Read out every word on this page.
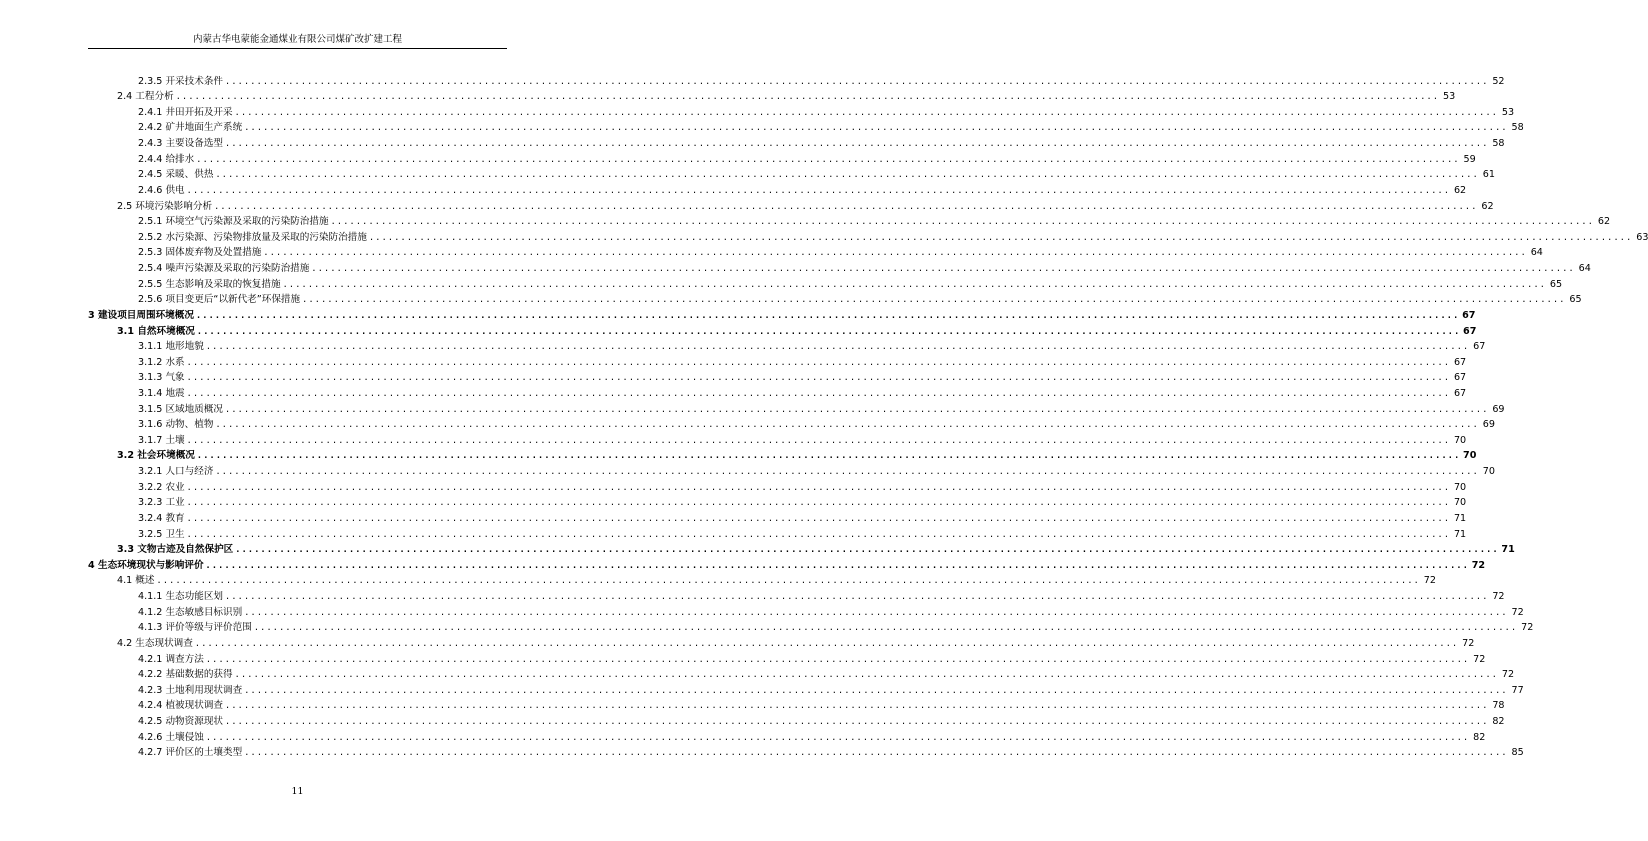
内蒙古华电蒙能金通煤业有限公司煤矿改扩建工程
2.3.5 开采技术条件 ........................................................................................................................................................................................................ 52
2.4 工程分析 ........................................................................................................................................................................................................ 53
2.4.1 井田开拓及开采 ........................................................................................................................................................................................................ 53
2.4.2 矿井地面生产系统 ........................................................................................................................................................................................................ 58
2.4.3 主要设备选型 ........................................................................................................................................................................................................ 58
2.4.4 给排水 ........................................................................................................................................................................................................ 59
2.4.5 采暖、供热 ........................................................................................................................................................................................................ 61
2.4.6 供电 ........................................................................................................................................................................................................ 62
2.5 环境污染影响分析 ........................................................................................................................................................................................................ 62
2.5.1 环境空气污染源及采取的污染防治措施 ........................................................................................................................................................................................................ 62
2.5.2 水污染源、污染物排放量及采取的污染防治措施 ........................................................................................................................................................................................................ 63
2.5.3 固体废弃物及处置措施 ........................................................................................................................................................................................................ 64
2.5.4 噪声污染源及采取的污染防治措施 ........................................................................................................................................................................................................ 64
2.5.5 生态影响及采取的恢复措施 ........................................................................................................................................................................................................ 65
2.5.6 项目变更后“以新代老”环保措施 ........................................................................................................................................................................................................ 65
3 建设项目周围环境概况 ........................................................................................................................................................................................................ 67
3.1 自然环境概况 ........................................................................................................................................................................................................ 67
3.1.1 地形地貌 ........................................................................................................................................................................................................ 67
3.1.2 水系 ........................................................................................................................................................................................................ 67
3.1.3 气象 ........................................................................................................................................................................................................ 67
3.1.4 地震 ........................................................................................................................................................................................................ 67
3.1.5 区域地质概况 ........................................................................................................................................................................................................ 69
3.1.6 动物、植物 ........................................................................................................................................................................................................ 69
3.1.7 土壤 ........................................................................................................................................................................................................ 70
3.2 社会环境概况 ........................................................................................................................................................................................................ 70
3.2.1 人口与经济 ........................................................................................................................................................................................................ 70
3.2.2 农业 ........................................................................................................................................................................................................ 70
3.2.3 工业 ........................................................................................................................................................................................................ 70
3.2.4 教育 ........................................................................................................................................................................................................ 71
3.2.5 卫生 ........................................................................................................................................................................................................ 71
3.3 文物古迹及自然保护区 ........................................................................................................................................................................................................ 71
4 生态环境现状与影响评价 ........................................................................................................................................................................................................ 72
4.1 概述 ........................................................................................................................................................................................................ 72
4.1.1 生态功能区划 ........................................................................................................................................................................................................ 72
4.1.2 生态敏感目标识别 ........................................................................................................................................................................................................ 72
4.1.3 评价等级与评价范围 ........................................................................................................................................................................................................ 72
4.2 生态现状调查 ........................................................................................................................................................................................................ 72
4.2.1 调查方法 ........................................................................................................................................................................................................ 72
4.2.2 基础数据的获得 ........................................................................................................................................................................................................ 72
4.2.3 土地利用现状调查 ........................................................................................................................................................................................................ 77
4.2.4 植被现状调查 ........................................................................................................................................................................................................ 78
4.2.5 动物资源现状 ........................................................................................................................................................................................................ 82
4.2.6 土壤侵蚀 ........................................................................................................................................................................................................ 82
4.2.7 评价区的土壤类型 ........................................................................................................................................................................................................ 85
11
